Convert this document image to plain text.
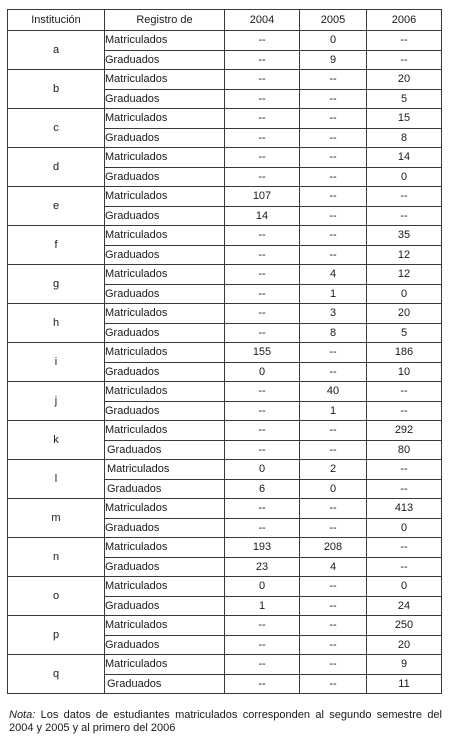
Institución	Registro de	2004	2005	2006
a	Matriculados	--	0	--
	Graduados	--	9	--
b	Matriculados	--	--	20
	Graduados	--	--	5
c	Matriculados	--	--	15
	Graduados	--	--	8
d	Matriculados	--	--	14
	Graduados	--	--	0
e	Matriculados	107	--	--
	Graduados	14	--	--
f	Matriculados	--	--	35
	Graduados	--	--	12
g	Matriculados	--	4	12
	Graduados	--	1	0
h	Matriculados	--	3	20
	Graduados	--	8	5
i	Matriculados	155	--	186
	Graduados	0	--	10
j	Matriculados	--	40	--
	Graduados	--	1	--
k	Matriculados	--	--	292
	Graduados	--	--	80
l	Matriculados	0	2	--
	Graduados	6	0	--
m	Matriculados	--	--	413
	Graduados	--	--	0
n	Matriculados	193	208	--
	Graduados	23	4	--
o	Matriculados	0	--	0
	Graduados	1	--	24
p	Matriculados	--	--	250
	Graduados	--	--	20
q	Matriculados	--	--	9
	Graduados	--	--	11
Nota: Los datos de estudiantes matriculados corresponden al segundo semestre del 2004 y 2005 y al primero del 2006
